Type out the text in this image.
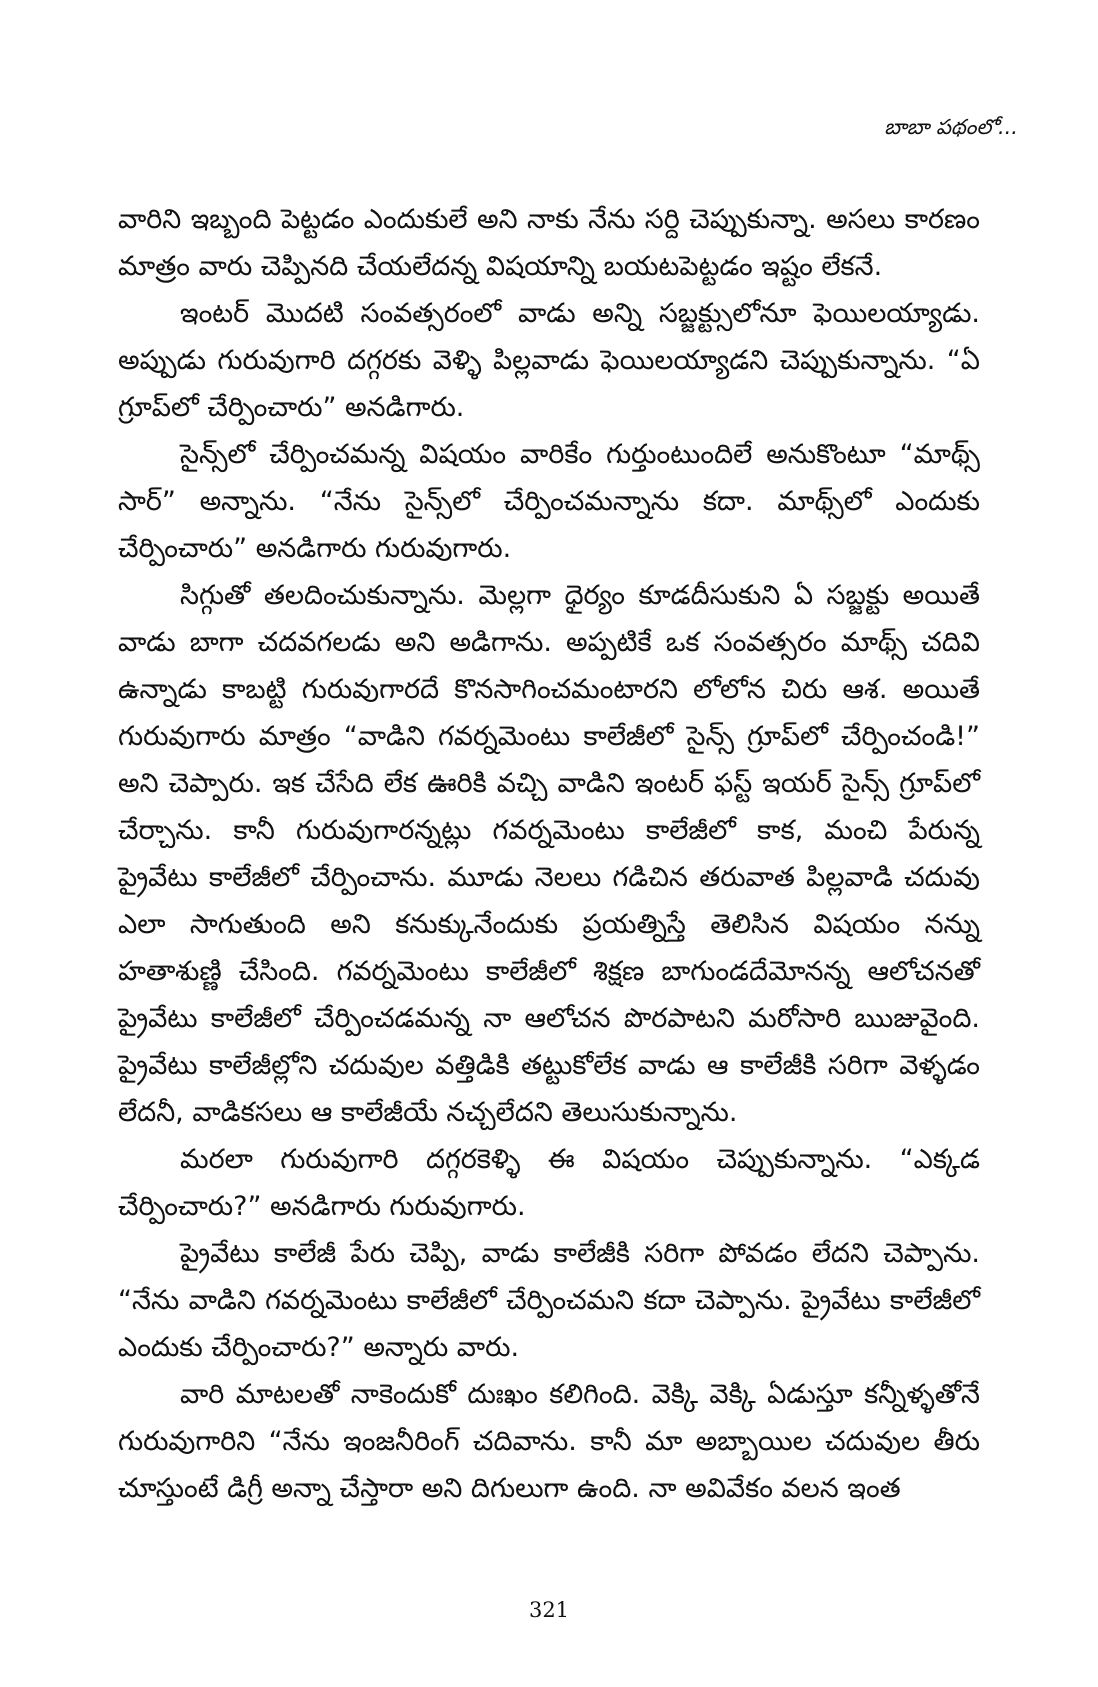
బాబా పథంలో...

వారిని ఇబ్బంది పెట్టడం ఎందుకులే అని నాకు నేను సర్ది చెప్పుకున్నా. అసలు కారణం మాత్రం వారు చెప్పినది చేయలేదన్న విషయాన్ని బయటపెట్టడం ఇష్టం లేకనే.

ఇంటర్ మొదటి సంవత్సరంలో వాడు అన్ని సబ్జక్ట్సులోనూ ఫెయిలయ్యాడు. అప్పుడు గురువుగారి దగ్గరకు వెళ్ళి పిల్లవాడు ఫెయిలయ్యాడని చెప్పుకున్నాను. “ఏ గ్రూప్‌లో చేర్పించారు” అనడిగారు.

సైన్స్‌లో చేర్పించమన్న విషయం వారికేం గుర్తుంటుందిలే అనుకొంటూ “మాథ్స్ సార్” అన్నాను. “నేను సైన్స్‌లో చేర్పించమన్నాను కదా. మాథ్స్‌లో ఎందుకు చేర్పించారు” అనడిగారు గురువుగారు.

సిగ్గుతో తలదించుకున్నాను. మెల్లగా ధైర్యం కూడదీసుకుని ఏ సబ్జక్టు అయితే వాడు బాగా చదవగలడు అని అడిగాను. అప్పటికే ఒక సంవత్సరం మాథ్స్ చదివి ఉన్నాడు కాబట్టి గురువుగారదే కొనసాగించమంటారని లోలోన చిరు ఆశ. అయితే గురువుగారు మాత్రం “వాడిని గవర్నమెంటు కాలేజీలో సైన్స్ గ్రూప్‌లో చేర్పించండి!” అని చెప్పారు. ఇక చేసేది లేక ఊరికి వచ్చి వాడిని ఇంటర్ ఫస్ట్ ఇయర్ సైన్స్ గ్రూప్‌లో చేర్చాను. కానీ గురువుగారన్నట్లు గవర్నమెంటు కాలేజీలో కాక, మంచి పేరున్న ప్రైవేటు కాలేజీలో చేర్పించాను. మూడు నెలలు గడిచిన తరువాత పిల్లవాడి చదువు ఎలా సాగుతుంది అని కనుక్కునేందుకు ప్రయత్నిస్తే తెలిసిన విషయం నన్ను హతాశుణ్ణి చేసింది. గవర్నమెంటు కాలేజీలో శిక్షణ బాగుండదేమోనన్న ఆలోచనతో ప్రైవేటు కాలేజీలో చేర్పించడమన్న నా ఆలోచన పొరపాటని మరోసారి ఋజువైంది. ప్రైవేటు కాలేజీల్లోని చదువుల వత్తిడికి తట్టుకోలేక వాడు ఆ కాలేజీకి సరిగా వెళ్ళడం లేదనీ, వాడికసలు ఆ కాలేజీయే నచ్చలేదని తెలుసుకున్నాను.

మరలా గురువుగారి దగ్గరకెళ్ళి ఈ విషయం చెప్పుకున్నాను. “ఎక్కడ చేర్పించారు?” అనడిగారు గురువుగారు.

ప్రైవేటు కాలేజీ పేరు చెప్పి, వాడు కాలేజీకి సరిగా పోవడం లేదని చెప్పాను. “నేను వాడిని గవర్నమెంటు కాలేజీలో చేర్పించమని కదా చెప్పాను. ప్రైవేటు కాలేజీలో ఎందుకు చేర్పించారు?” అన్నారు వారు.

వారి మాటలతో నాకెందుకో దుఃఖం కలిగింది. వెక్కి వెక్కి ఏడుస్తూ కన్నీళ్ళతోనే గురువుగారిని “నేను ఇంజనీరింగ్ చదివాను. కానీ మా అబ్బాయిల చదువుల తీరు చూస్తుంటే డిగ్రీ అన్నా చేస్తారా అని దిగులుగా ఉంది. నా అవివేకం వలన ఇంత

321
